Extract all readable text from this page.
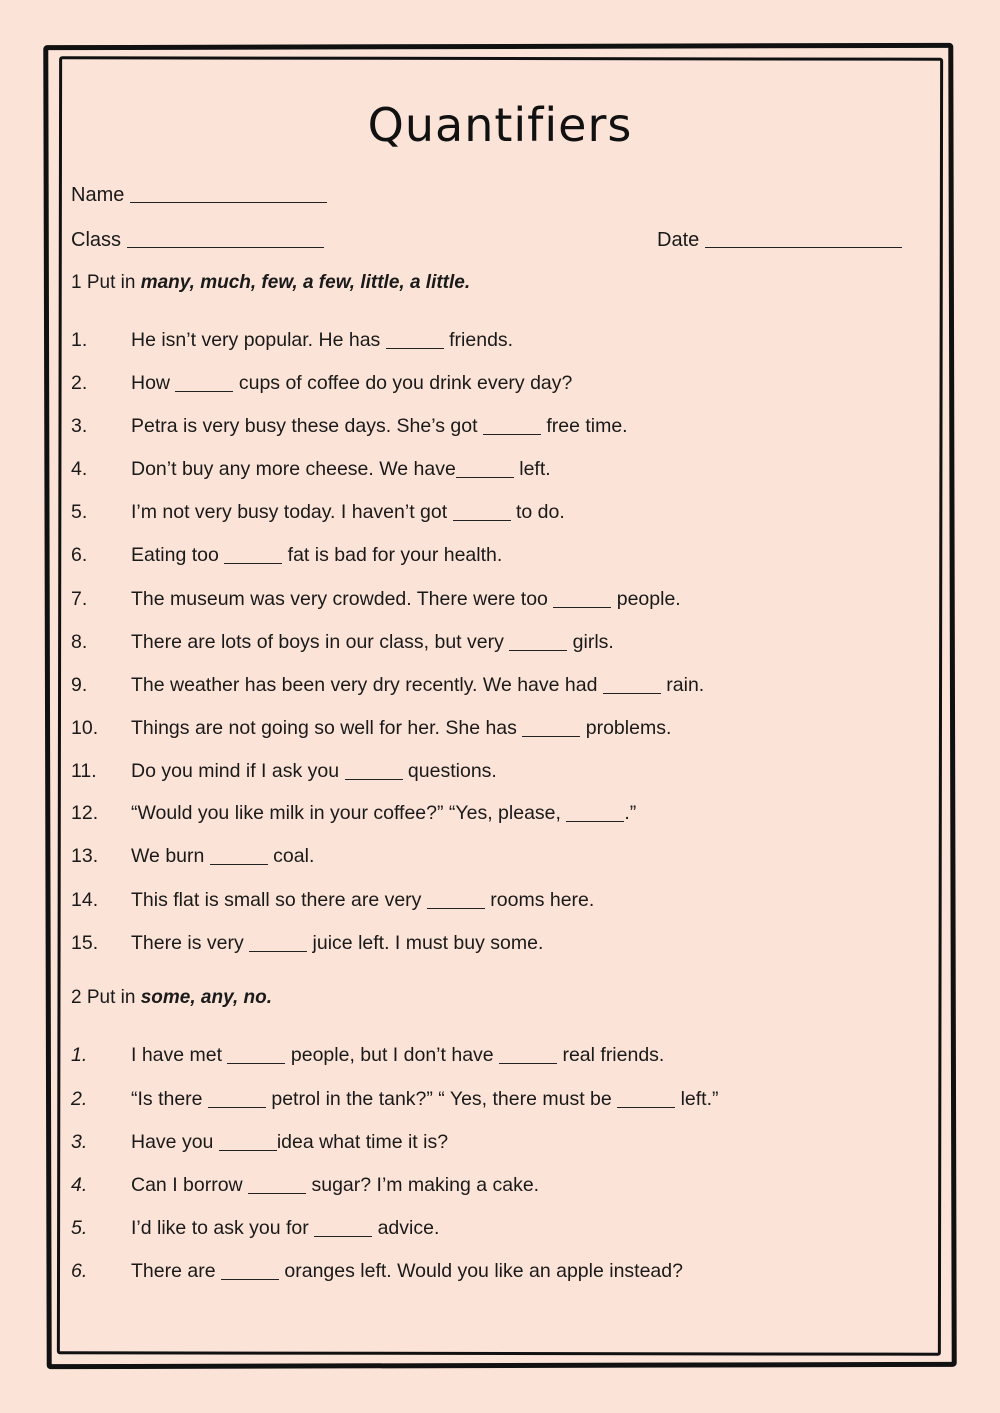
Quantifiers
Name
Class	Date
1 Put in many, much, few, a few, little, a little.
1. He isn’t very popular. He has	friends.
2. How	cups of coffee do you drink every day?
3. Petra is very busy these days. She’s got	free time.
4. Don’t buy any more cheese. We have	left.
5. I’m not very busy today. I haven’t got	to do.
6. Eating too	fat is bad for your health.
7. The museum was very crowded. There were too	people.
8. There are lots of boys in our class, but very	girls.
9. The weather has been very dry recently. We have had	rain.
10. Things are not going so well for her. She has	problems.
11. Do you mind if I ask you	questions.
12. “Would you like milk in your coffee?” “Yes, please,	.”
13. We burn	coal.
14. This flat is small so there are very	rooms here.
15. There is very	juice left. I must buy some.
2 Put in some, any, no.
1. I have met	people, but I don’t have	real friends.
2. “Is there	petrol in the tank?” “ Yes, there must be	left.”
3. Have you	idea what time it is?
4. Can I borrow	sugar? I’m making a cake.
5. I’d like to ask you for	advice.
6. There are	oranges left. Would you like an apple instead?
